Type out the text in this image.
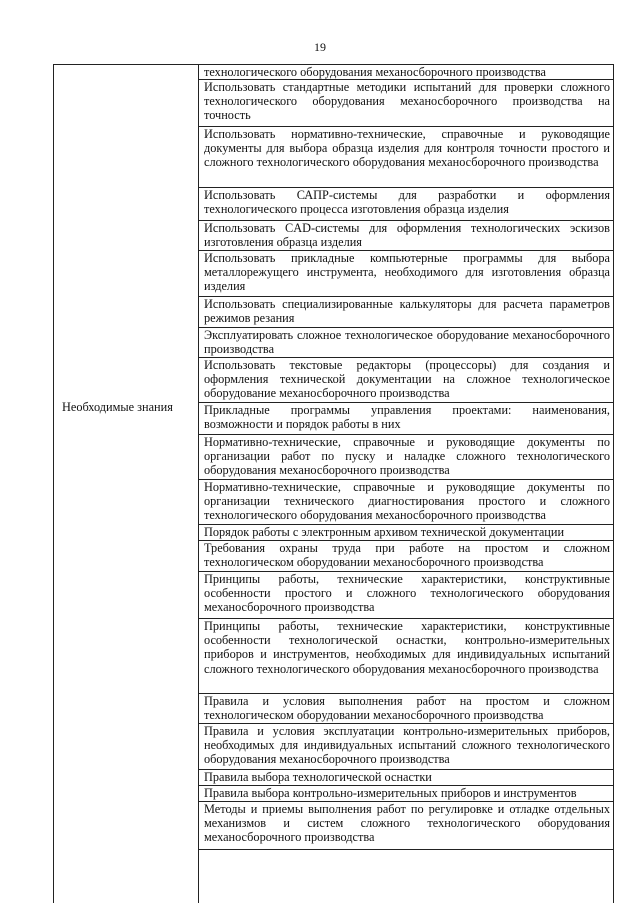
19
Необходимые знания
технологического оборудования механосборочного производства
Использовать стандартные методики испытаний для проверки сложного технологического оборудования механосборочного производства на точность
Использовать нормативно-технические, справочные и руководящие документы для выбора образца изделия для контроля точности простого и сложного технологического оборудования механосборочного производства
Использовать САПР-системы для разработки и оформления технологического процесса изготовления образца изделия
Использовать CAD-системы для оформления технологических эскизов изготовления образца изделия
Использовать прикладные компьютерные программы для выбора металлорежущего инструмента, необходимого для изготовления образца изделия
Использовать специализированные калькуляторы для расчета параметров режимов резания
Эксплуатировать сложное технологическое оборудование механосборочного производства
Использовать текстовые редакторы (процессоры) для создания и оформления технической документации на сложное технологическое оборудование механосборочного производства
Прикладные программы управления проектами: наименования, возможности и порядок работы в них
Нормативно-технические, справочные и руководящие документы по организации работ по пуску и наладке сложного технологического оборудования механосборочного производства
Нормативно-технические, справочные и руководящие документы по организации технического диагностирования простого и сложного технологического оборудования механосборочного производства
Порядок работы с электронным архивом технической документации
Требования охраны труда при работе на простом и сложном технологическом оборудовании механосборочного производства
Принципы работы, технические характеристики, конструктивные особенности простого и сложного технологического оборудования механосборочного производства
Принципы работы, технические характеристики, конструктивные особенности технологической оснастки, контрольно-измерительных приборов и инструментов, необходимых для индивидуальных испытаний сложного технологического оборудования механосборочного производства
Правила и условия выполнения работ на простом и сложном технологическом оборудовании механосборочного производства
Правила и условия эксплуатации контрольно-измерительных приборов, необходимых для индивидуальных испытаний сложного технологического оборудования механосборочного производства
Правила выбора технологической оснастки
Правила выбора контрольно-измерительных приборов и инструментов
Методы и приемы выполнения работ по регулировке и отладке отдельных механизмов и систем сложного технологического оборудования механосборочного производства
